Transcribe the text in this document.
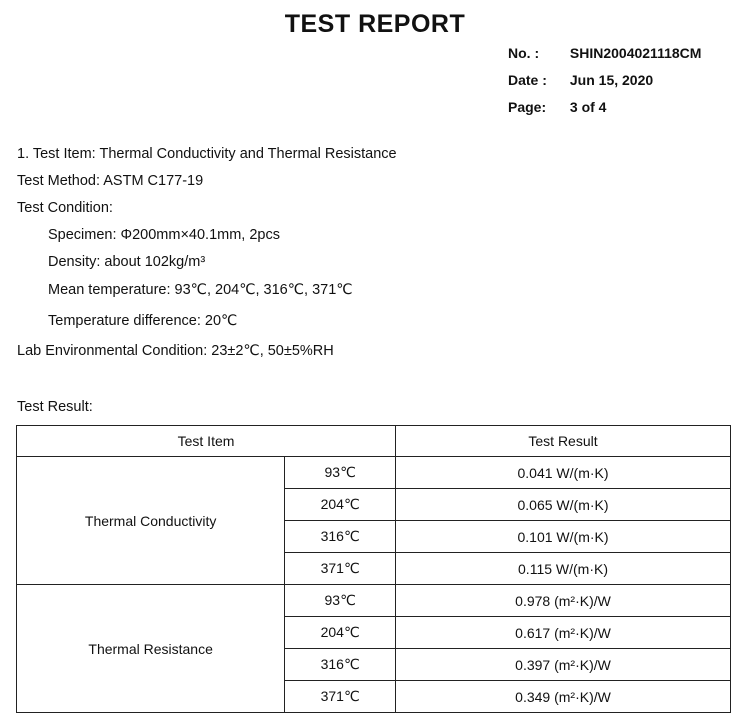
TEST REPORT
No. : SHIN2004021118CM
Date : Jun 15, 2020
Page: 3 of 4
1. Test Item: Thermal Conductivity and Thermal Resistance
Test Method: ASTM C177-19
Test Condition:
Specimen: Φ200mm×40.1mm, 2pcs
Density: about 102kg/m³
Mean temperature: 93℃, 204℃, 316℃, 371℃
Temperature difference: 20℃
Lab Environmental Condition: 23±2℃, 50±5%RH
Test Result:
Test Item		Test Result
Thermal Conductivity	93℃	0.041 W/(m·K)
	204℃	0.065 W/(m·K)
	316℃	0.101 W/(m·K)
	371℃	0.115 W/(m·K)
Thermal Resistance	93℃	0.978 (m²·K)/W
	204℃	0.617 (m²·K)/W
	316℃	0.397 (m²·K)/W
	371℃	0.349 (m²·K)/W
